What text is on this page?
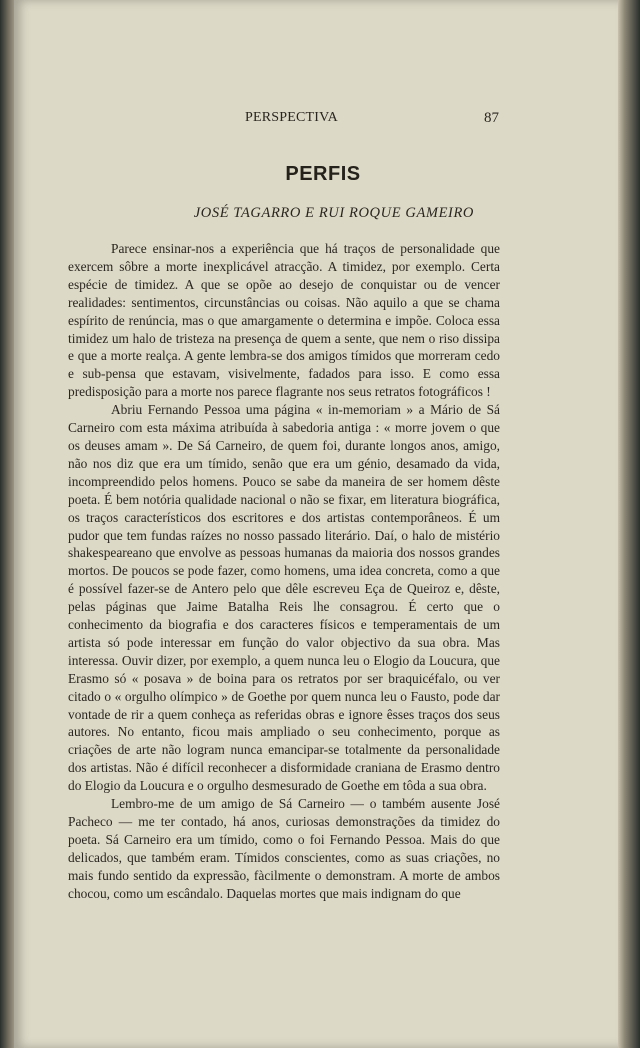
PERSPECTIVA	87
PERFIS
JOSÉ TAGARRO E RUI ROQUE GAMEIRO

Parece ensinar-nos a experiência que há traços de personalidade que exercem sôbre a morte inexplicável atracção. A timidez, por exemplo. Certa espécie de timidez. A que se opõe ao desejo de conquistar ou de vencer realidades: sentimentos, circunstâncias ou coisas. Não aquilo a que se chama espírito de renúncia, mas o que amargamente o determina e impõe. Coloca essa timidez um halo de tristeza na presença de quem a sente, que nem o riso dissipa e que a morte realça. A gente lembra-se dos amigos tímidos que morreram cedo e sub-pensa que estavam, visivelmente, fadados para isso. E como essa predisposição para a morte nos parece flagrante nos seus retratos fotográficos !

Abriu Fernando Pessoa uma página « in-memoriam » a Mário de Sá Carneiro com esta máxima atribuída à sabedoria antiga : « morre jovem o que os deuses amam ». De Sá Carneiro, de quem foi, durante longos anos, amigo, não nos diz que era um tímido, senão que era um génio, desamado da vida, incompreendido pelos homens. Pouco se sabe da maneira de ser homem dêste poeta. É bem notória qualidade nacional o não se fixar, em literatura biográfica, os traços característicos dos escritores e dos artistas contemporâneos. É um pudor que tem fundas raízes no nosso passado literário. Daí, o halo de mistério shakespeareano que envolve as pessoas humanas da maioria dos nossos grandes mortos. De poucos se pode fazer, como homens, uma idea concreta, como a que é possível fazer-se de Antero pelo que dêle escreveu Eça de Queiroz e, dêste, pelas páginas que Jaime Batalha Reis lhe consagrou. É certo que o conhecimento da biografia e dos caracteres físicos e temperamentais de um artista só pode interessar em função do valor objectivo da sua obra. Mas interessa. Ouvir dizer, por exemplo, a quem nunca leu o Elogio da Loucura, que Erasmo só « posava » de boina para os retratos por ser braquicéfalo, ou ver citado o « orgulho olímpico » de Goethe por quem nunca leu o Fausto, pode dar vontade de rir a quem conheça as referidas obras e ignore êsses traços dos seus autores. No entanto, ficou mais ampliado o seu conhecimento, porque as criações de arte não logram nunca emancipar-se totalmente da personalidade dos artistas. Não é difícil reconhecer a disformidade craniana de Erasmo dentro do Elogio da Loucura e o orgulho desmesurado de Goethe em tôda a sua obra.

Lembro-me de um amigo de Sá Carneiro — o também ausente José Pacheco — me ter contado, há anos, curiosas demonstrações da timidez do poeta. Sá Carneiro era um tímido, como o foi Fernando Pessoa. Mais do que delicados, que também eram. Tímidos conscientes, como as suas criações, no mais fundo sentido da expressão, fàcilmente o demonstram. A morte de ambos chocou, como um escândalo. Daquelas mortes que mais indignam do que
